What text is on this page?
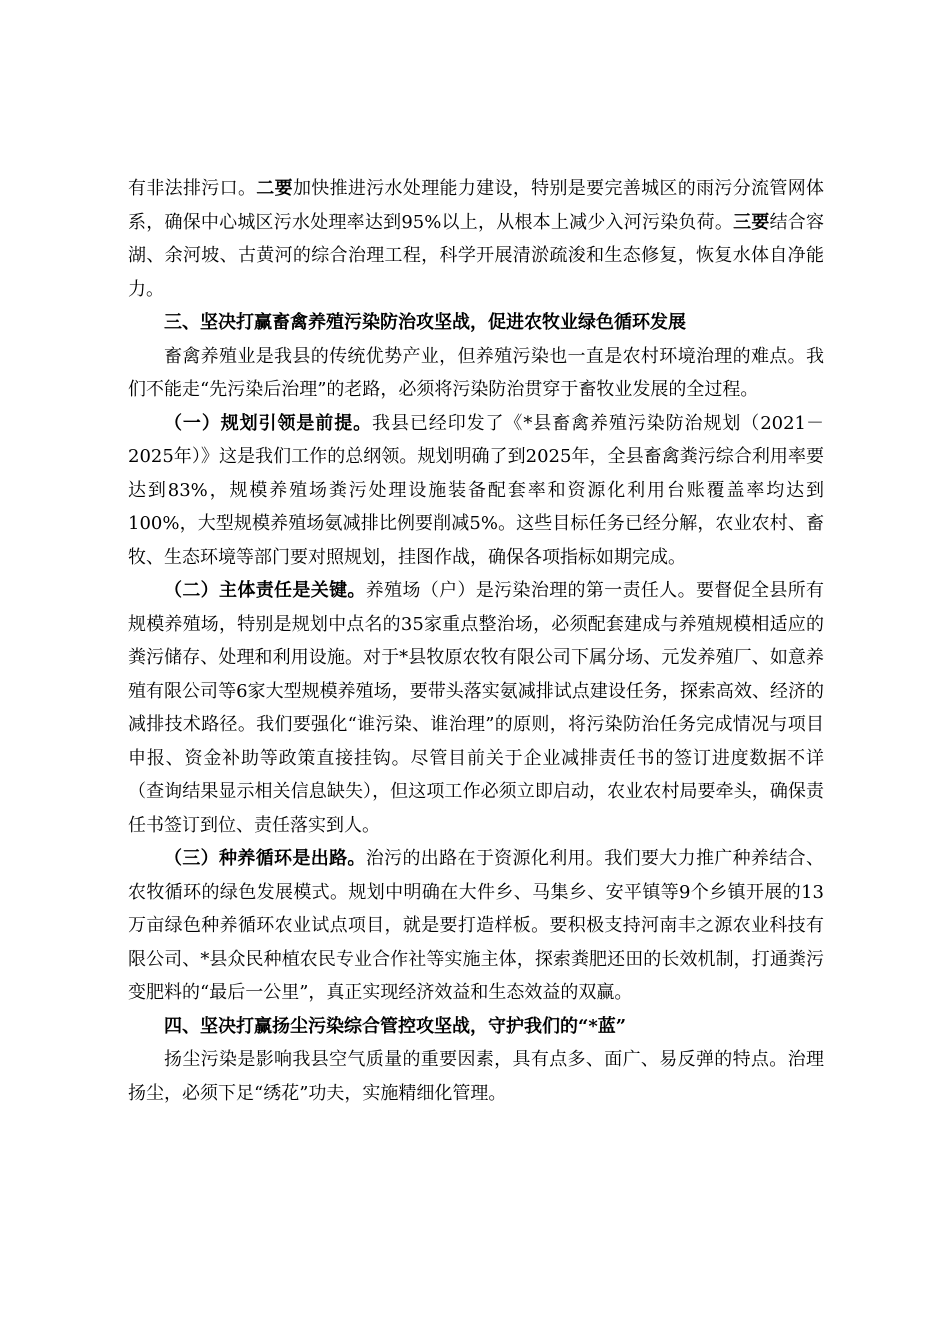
有非法排污口。二要加快推进污水处理能力建设，特别是要完善城区的雨污分流管网体系，确保中心城区污水处理率达到95%以上，从根本上减少入河污染负荷。三要结合容湖、余河坡、古黄河的综合治理工程，科学开展清淤疏浚和生态修复，恢复水体自净能力。

三、坚决打赢畜禽养殖污染防治攻坚战，促进农牧业绿色循环发展

畜禽养殖业是我县的传统优势产业，但养殖污染也一直是农村环境治理的难点。我们不能走“先污染后治理”的老路，必须将污染防治贯穿于畜牧业发展的全过程。

（一）规划引领是前提。我县已经印发了《*县畜禽养殖污染防治规划（2021－2025年）》这是我们工作的总纲领。规划明确了到2025年，全县畜禽粪污综合利用率要达到83%，规模养殖场粪污处理设施装备配套率和资源化利用台账覆盖率均达到100%，大型规模养殖场氨减排比例要削减5%。这些目标任务已经分解，农业农村、畜牧、生态环境等部门要对照规划，挂图作战，确保各项指标如期完成。

（二）主体责任是关键。养殖场（户）是污染治理的第一责任人。要督促全县所有规模养殖场，特别是规划中点名的35家重点整治场，必须配套建成与养殖规模相适应的粪污储存、处理和利用设施。对于*县牧原农牧有限公司下属分场、元发养殖厂、如意养殖有限公司等6家大型规模养殖场，要带头落实氨减排试点建设任务，探索高效、经济的减排技术路径。我们要强化“谁污染、谁治理”的原则，将污染防治任务完成情况与项目申报、资金补助等政策直接挂钩。尽管目前关于企业减排责任书的签订进度数据不详（查询结果显示相关信息缺失），但这项工作必须立即启动，农业农村局要牵头，确保责任书签订到位、责任落实到人。

（三）种养循环是出路。治污的出路在于资源化利用。我们要大力推广种养结合、农牧循环的绿色发展模式。规划中明确在大件乡、马集乡、安平镇等9个乡镇开展的13万亩绿色种养循环农业试点项目，就是要打造样板。要积极支持河南丰之源农业科技有限公司、*县众民种植农民专业合作社等实施主体，探索粪肥还田的长效机制，打通粪污变肥料的“最后一公里”，真正实现经济效益和生态效益的双赢。

四、坚决打赢扬尘污染综合管控攻坚战，守护我们的“*蓝”

扬尘污染是影响我县空气质量的重要因素，具有点多、面广、易反弹的特点。治理扬尘，必须下足“绣花”功夫，实施精细化管理。
